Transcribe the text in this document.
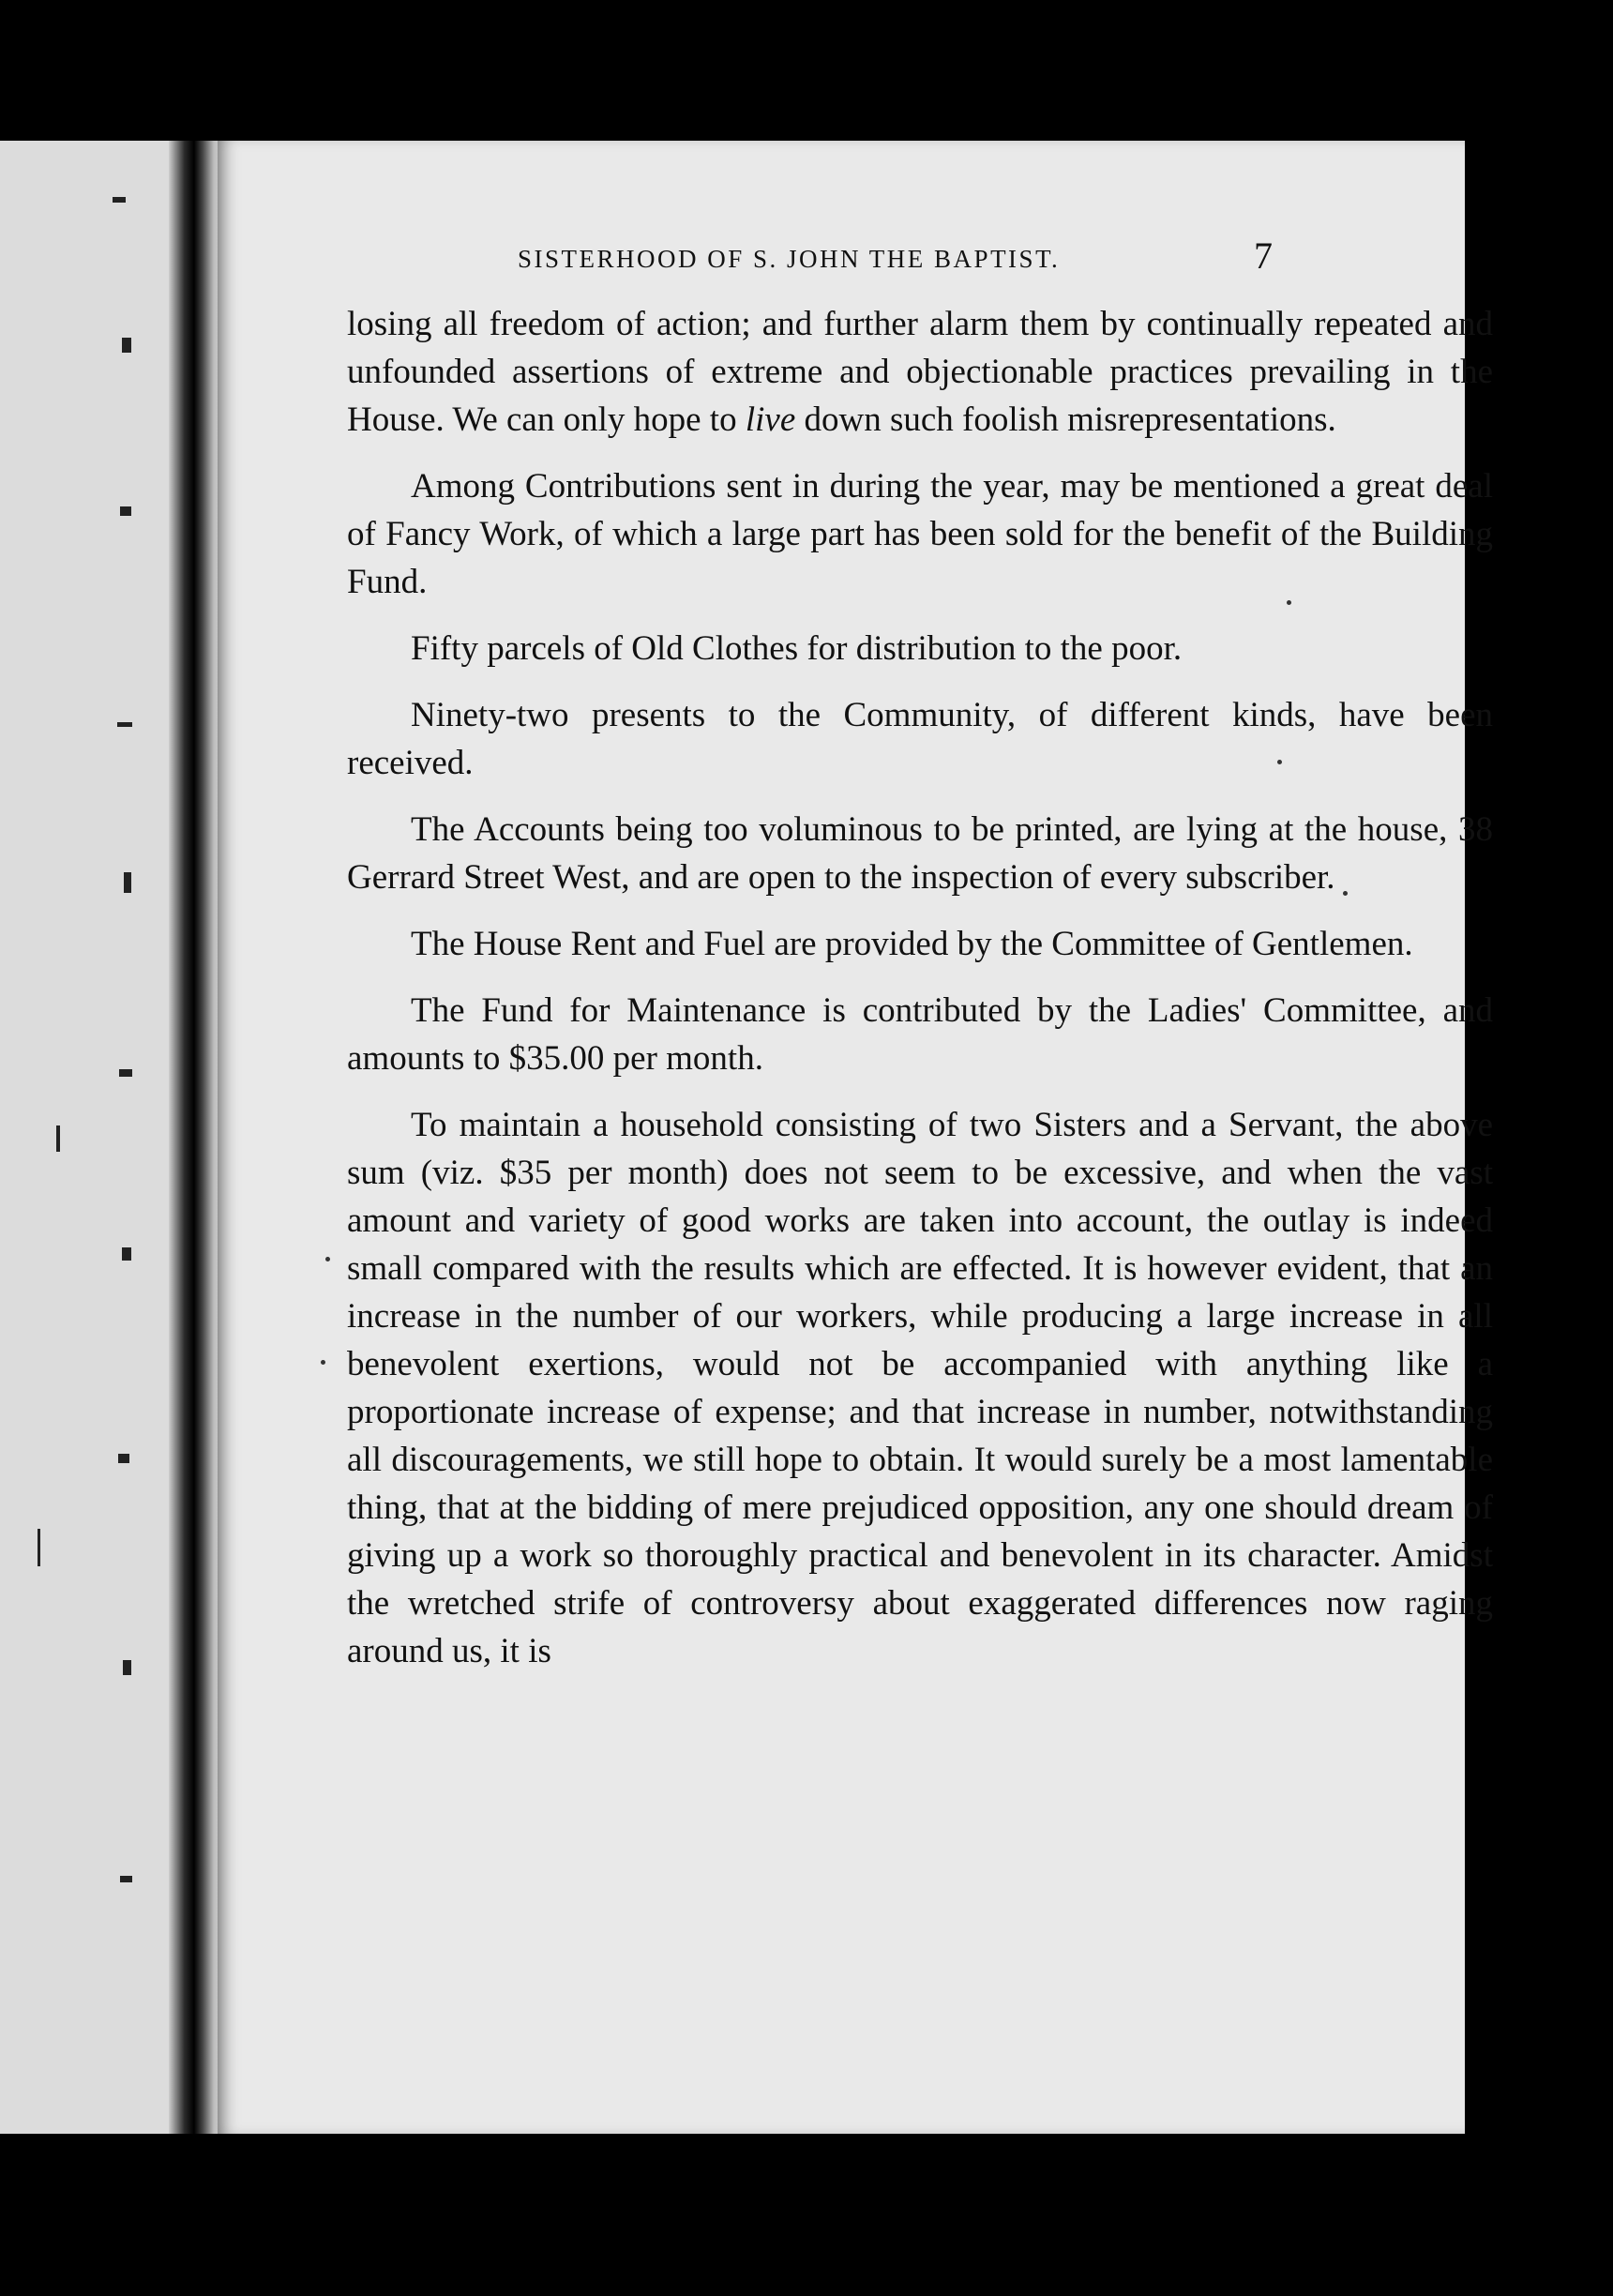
SISTERHOOD OF S. JOHN THE BAPTIST.	7

losing all freedom of action; and further alarm them by continually repeated and unfounded assertions of extreme and objectionable practices prevailing in the House. We can only hope to live down such foolish misrepresentations.

Among Contributions sent in during the year, may be mentioned a great deal of Fancy Work, of which a large part has been sold for the benefit of the Building Fund.

Fifty parcels of Old Clothes for distribution to the poor.

Ninety-two presents to the Community, of different kinds, have been received.

The Accounts being too voluminous to be printed, are lying at the house, 38 Gerrard Street West, and are open to the inspection of every subscriber.

The House Rent and Fuel are provided by the Committee of Gentlemen.

The Fund for Maintenance is contributed by the Ladies' Committee, and amounts to $35.00 per month.

To maintain a household consisting of two Sisters and a Servant, the above sum (viz. $35 per month) does not seem to be excessive, and when the vast amount and variety of good works are taken into account, the outlay is indeed small compared with the results which are effected. It is however evident, that an increase in the number of our workers, while producing a large increase in all benevolent exertions, would not be accompanied with anything like a proportionate increase of expense; and that increase in number, notwithstanding all discouragements, we still hope to obtain. It would surely be a most lamentable thing, that at the bidding of mere prejudiced opposition, any one should dream of giving up a work so thoroughly practical and benevolent in its character. Amidst the wretched strife of controversy about exaggerated differences now raging around us, it is
